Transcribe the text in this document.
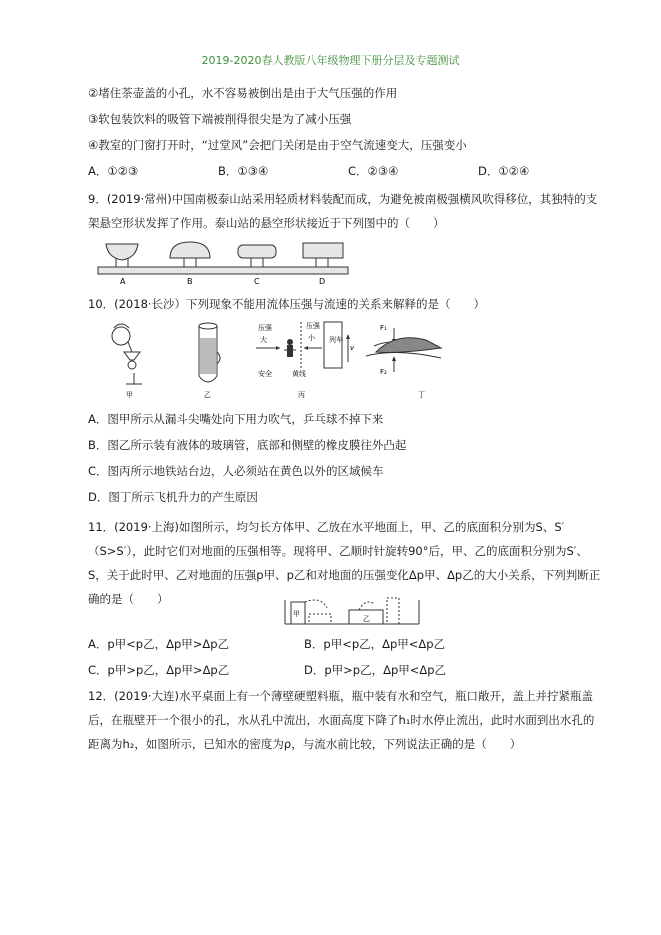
2019-2020春人教版八年级物理下册分层及专题测试
②堵住茶壶盖的小孔，水不容易被倒出是由于大气压强的作用
③软包装饮料的吸管下端被削得很尖是为了减小压强
④教室的门窗打开时，“过堂风”会把门关闭是由于空气流速变大，压强变小
A．①②③	B．①③④	C．②③④	D．①②④
9．(2019·常州)中国南极泰山站采用轻质材料装配而成，为避免被南极强横风吹得移位，其独特的支架悬空形状发挥了作用。泰山站的悬空形状接近于下列图中的（　　）
A	B	C	D
10．(2018·长沙）下列现象不能用流体压强与流速的关系来解释的是（　　）
甲	乙
压强
大
压强
小 列车
v
安全	黄线
丙
F₁
F₂
丁
A．图甲所示从漏斗尖嘴处向下用力吹气，乒乓球不掉下来
B．图乙所示装有液体的玻璃管，底部和侧壁的橡皮膜往外凸起
C．图丙所示地铁站台边，人必须站在黄色以外的区域候车
D．图丁所示飞机升力的产生原因
11．(2019·上海)如图所示，均匀长方体甲、乙放在水平地面上，甲、乙的底面积分别为S、S′（S>S′），此时它们对地面的压强相等。现将甲、乙顺时针旋转90°后，甲、乙的底面积分别为S′、S，关于此时甲、乙对地面的压强p甲、p乙和对地面的压强变化Δp甲、Δp乙的大小关系，下列判断正确的是（　　）
甲
乙
A．p甲<p乙，Δp甲>Δp乙	B．p甲<p乙，Δp甲<Δp乙
C．p甲>p乙，Δp甲>Δp乙	D．p甲>p乙，Δp甲<Δp乙
12．(2019·大连)水平桌面上有一个薄壁硬塑料瓶，瓶中装有水和空气，瓶口敞开，盖上并拧紧瓶盖后，在瓶壁开一个很小的孔，水从孔中流出，水面高度下降了h₁时水停止流出，此时水面到出水孔的距离为h₂，如图所示，已知水的密度为ρ，与流水前比较，下列说法正确的是（　　）
